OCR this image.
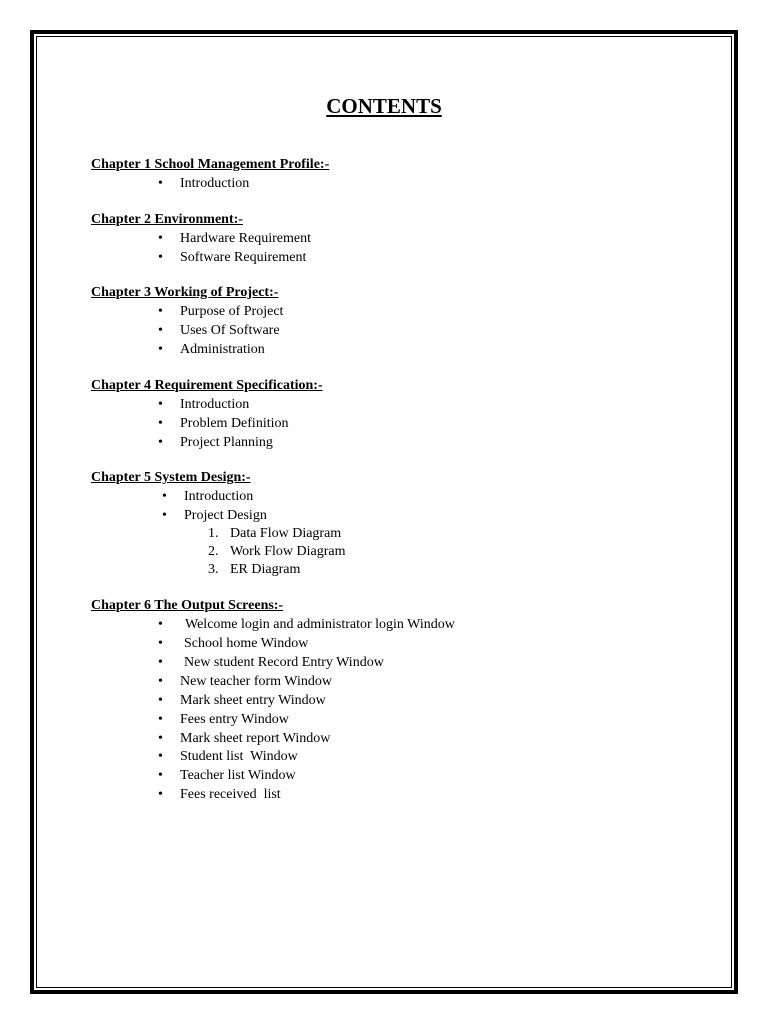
CONTENTS
Chapter 1 School Management Profile:-
• Introduction
Chapter 2 Environment:-
• Hardware Requirement
• Software Requirement
Chapter 3 Working of Project:-
• Purpose of Project
• Uses Of Software
• Administration
Chapter 4 Requirement Specification:-
• Introduction
• Problem Definition
• Project Planning
Chapter 5 System Design:-
• Introduction
• Project Design
1. Data Flow Diagram
2. Work Flow Diagram
3. ER Diagram
Chapter 6 The Output Screens:-
• Welcome login and administrator login Window
• School home Window
• New student Record Entry Window
• New teacher form Window
• Mark sheet entry Window
• Fees entry Window
• Mark sheet report Window
• Student list  Window
• Teacher list Window
• Fees received  list
